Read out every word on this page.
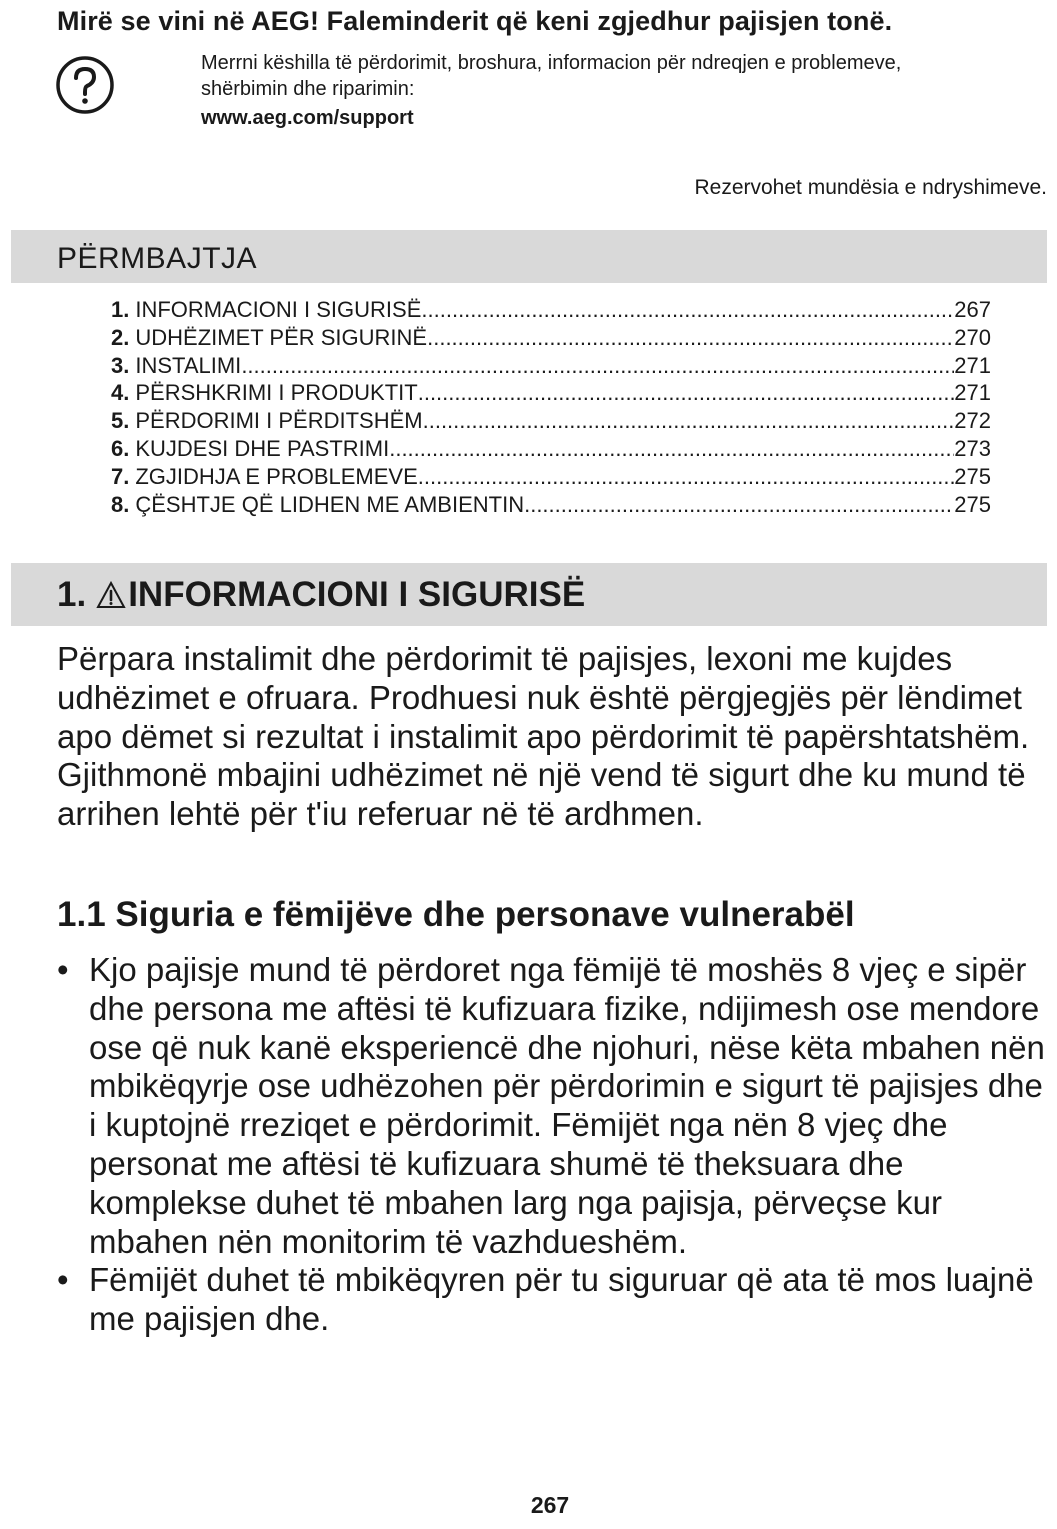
Mirë se vini në AEG! Faleminderit që keni zgjedhur pajisjen tonë.
Merrni këshilla të përdorimit, broshura, informacion për ndreqjen e problemeve,
shërbimin dhe riparimin:
www.aeg.com/support
Rezervohet mundësia e ndryshimeve.
PËRMBAJTJA
1. INFORMACIONI I SIGURISË .....	267
2. UDHËZIMET PËR SIGURINË .....	270
3. INSTALIMI .....	271
4. PËRSHKRIMI I PRODUKTIT .....	271
5. PËRDORIMI I PËRDITSHËM .....	272
6. KUJDESI DHE PASTRIMI .....	273
7. ZGJIDHJA E PROBLEMEVE .....	275
8. ÇËSHTJE QË LIDHEN ME AMBIENTIN .....	275
1. INFORMACIONI I SIGURISË
Përpara instalimit dhe përdorimit të pajisjes, lexoni me kujdes udhëzimet e ofruara. Prodhuesi nuk është përgjegjës për lëndimet apo dëmet si rezultat i instalimit apo përdorimit të papërshtatshëm. Gjithmonë mbajini udhëzimet në një vend të sigurt dhe ku mund të arrihen lehtë për t'iu referuar në të ardhmen.
1.1 Siguria e fëmijëve dhe personave vulnerabël
• Kjo pajisje mund të përdoret nga fëmijë të moshës 8 vjeç e sipër dhe persona me aftësi të kufizuara fizike, ndijimesh ose mendore ose që nuk kanë eksperiencë dhe njohuri, nëse këta mbahen nën mbikëqyrje ose udhëzohen për përdorimin e sigurt të pajisjes dhe i kuptojnë rreziqet e përdorimit. Fëmijët nga nën 8 vjeç dhe personat me aftësi të kufizuara shumë të theksuara dhe komplekse duhet të mbahen larg nga pajisja, përveçse kur mbahen nën monitorim të vazhdueshëm.
• Fëmijët duhet të mbikëqyren për tu siguruar që ata të mos luajnë me pajisjen dhe.
267
